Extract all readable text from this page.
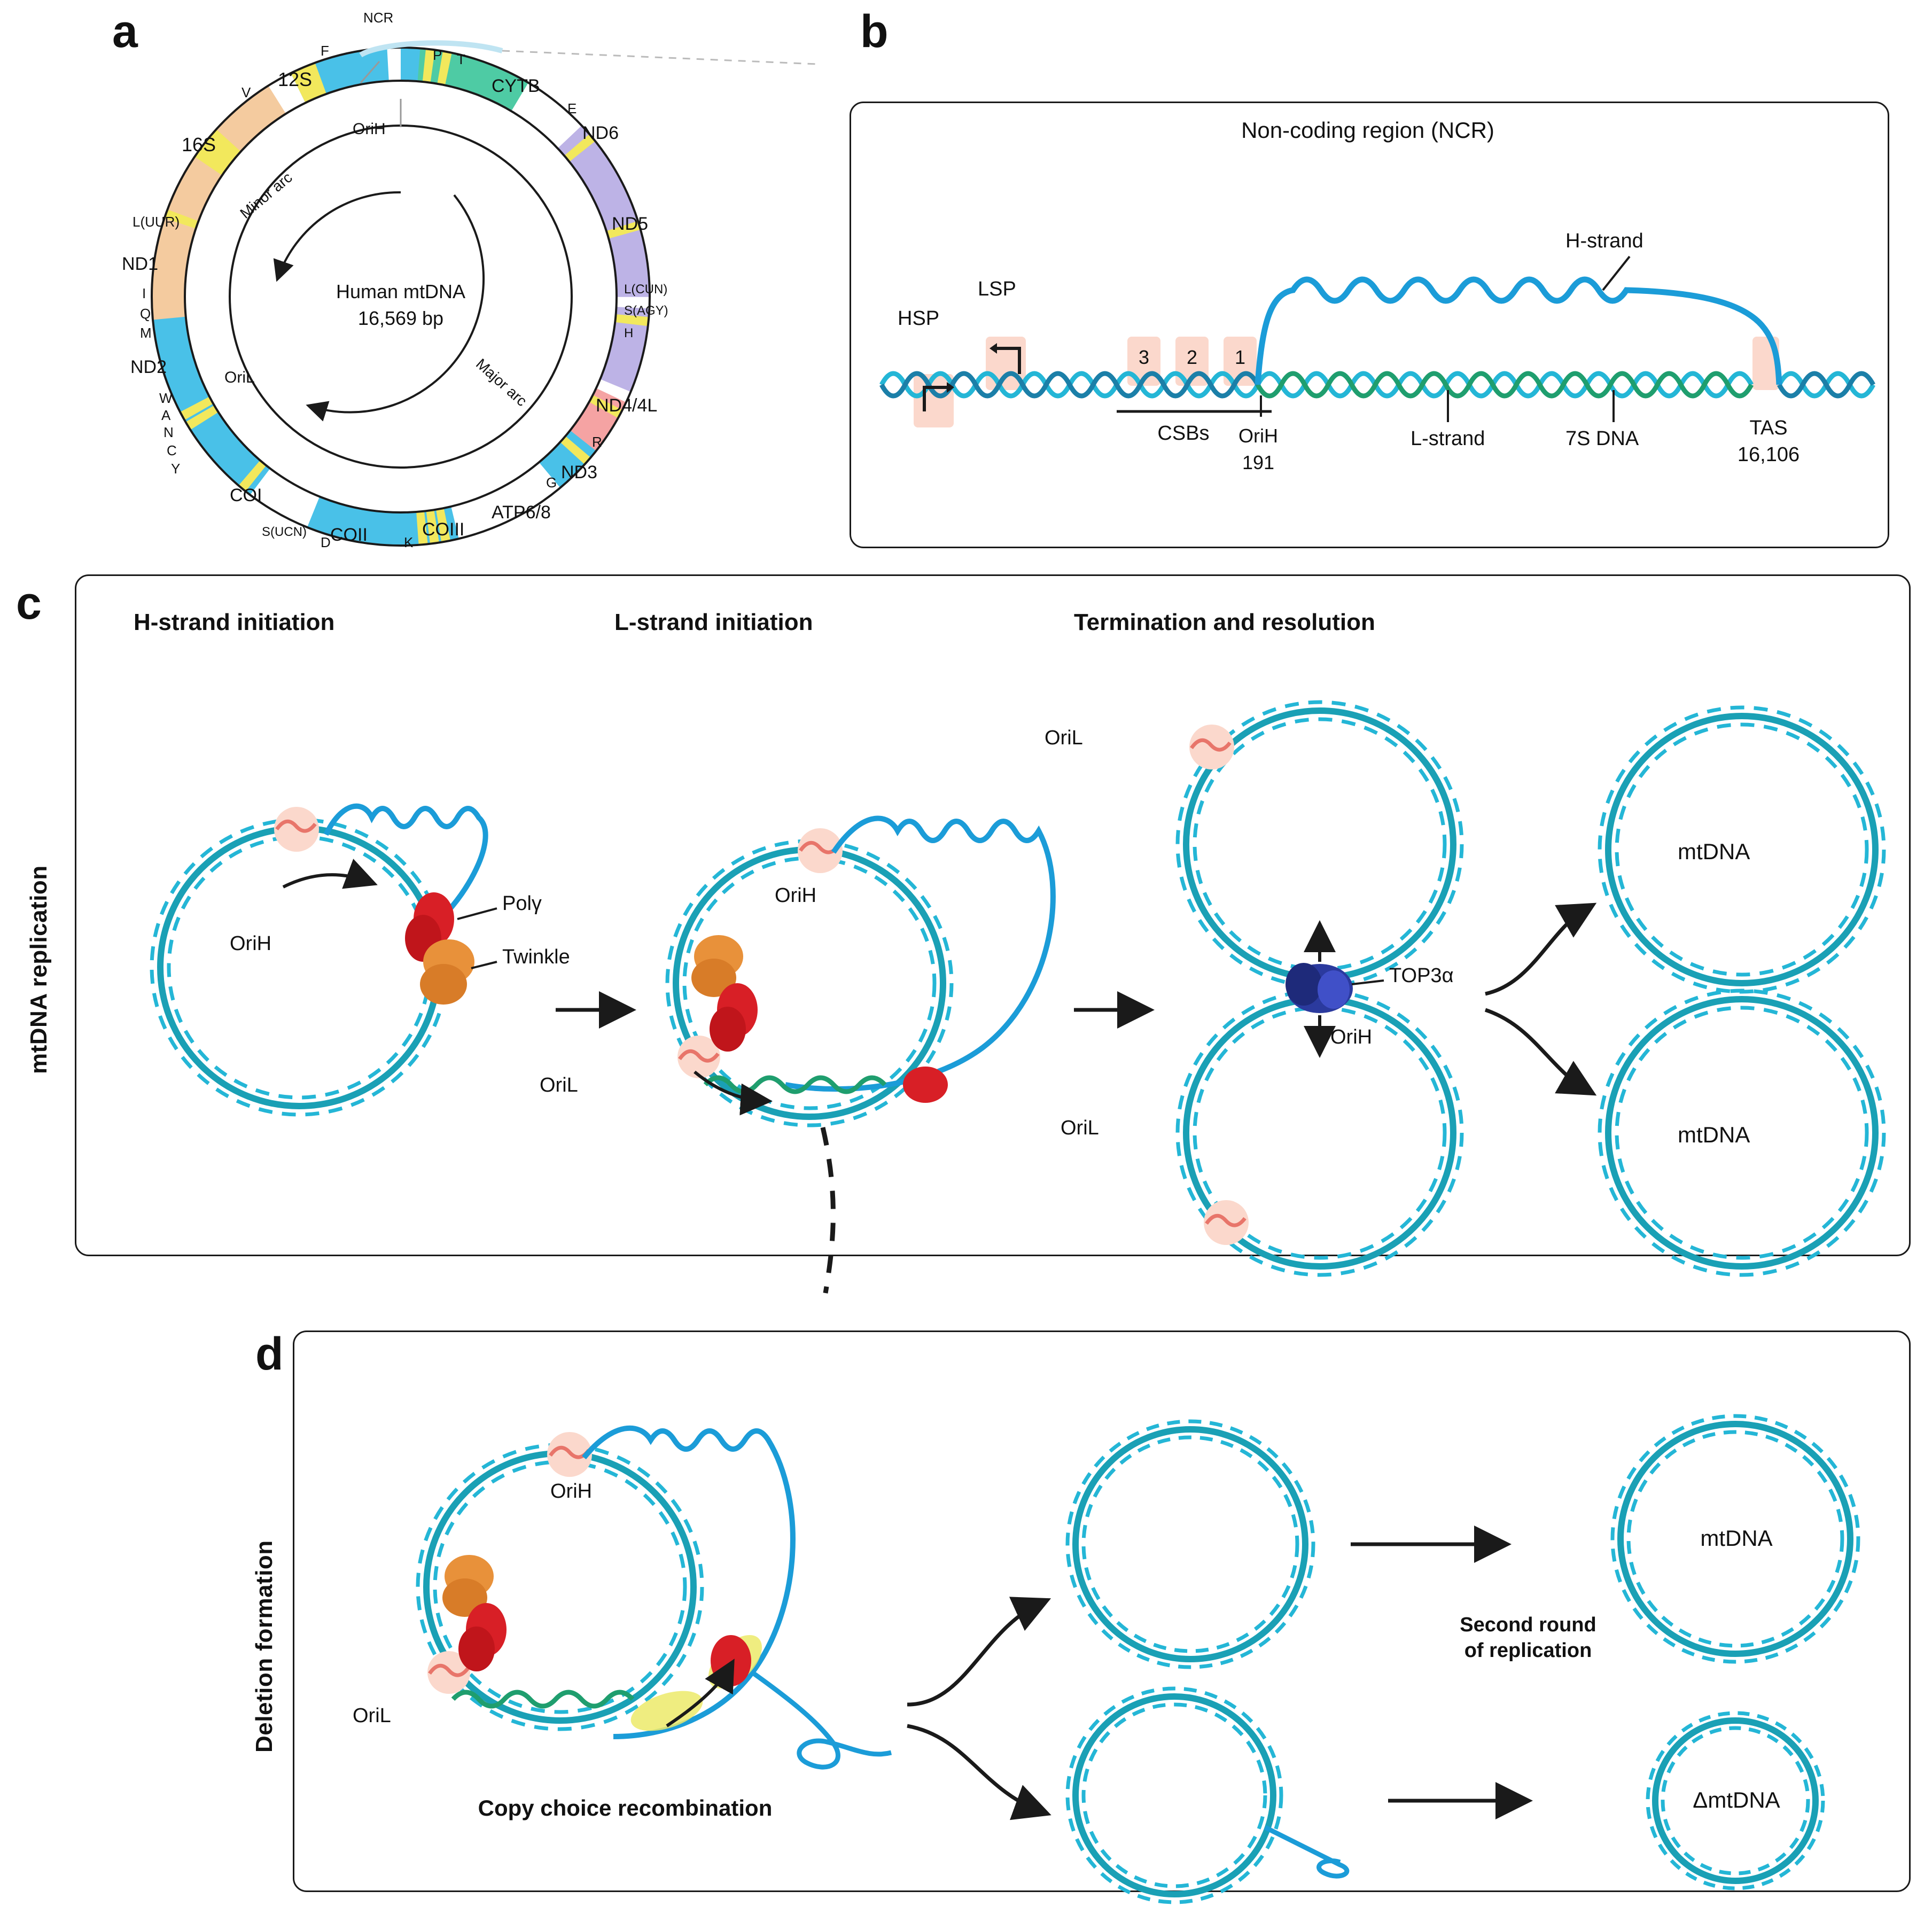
a
Human mtDNA
16,569 bp
Minor arc
Major arc
OriH
OriL
NCR
12S
16S
L(UUR)
ND1
ND2
COI
COII	COIII
ATP6/8
ND3
ND4/4L
ND5
ND6
CYTB
F	P T
E
V
L(CUN)
S(AGY)
H
R
G
K
D
S(UCN)
Y
C
N
A
W
M
Q
I
b
Non-coding region (NCR)
HSP
LSP
3	2	1
CSBs	OriH
191
H-strand
L-strand	7S DNA	TAS
16,106
c
mtDNA replication
H-strand initiation	L-strand initiation	Termination and resolution
OriH
Polγ
Twinkle
OriH
OriL
OriL
OriL
TOP3α
OriH
mtDNA
mtDNA
d
Deletion formation
OriH
OriL
Copy choice recombination
Second round
of replication
mtDNA
ΔmtDNA
